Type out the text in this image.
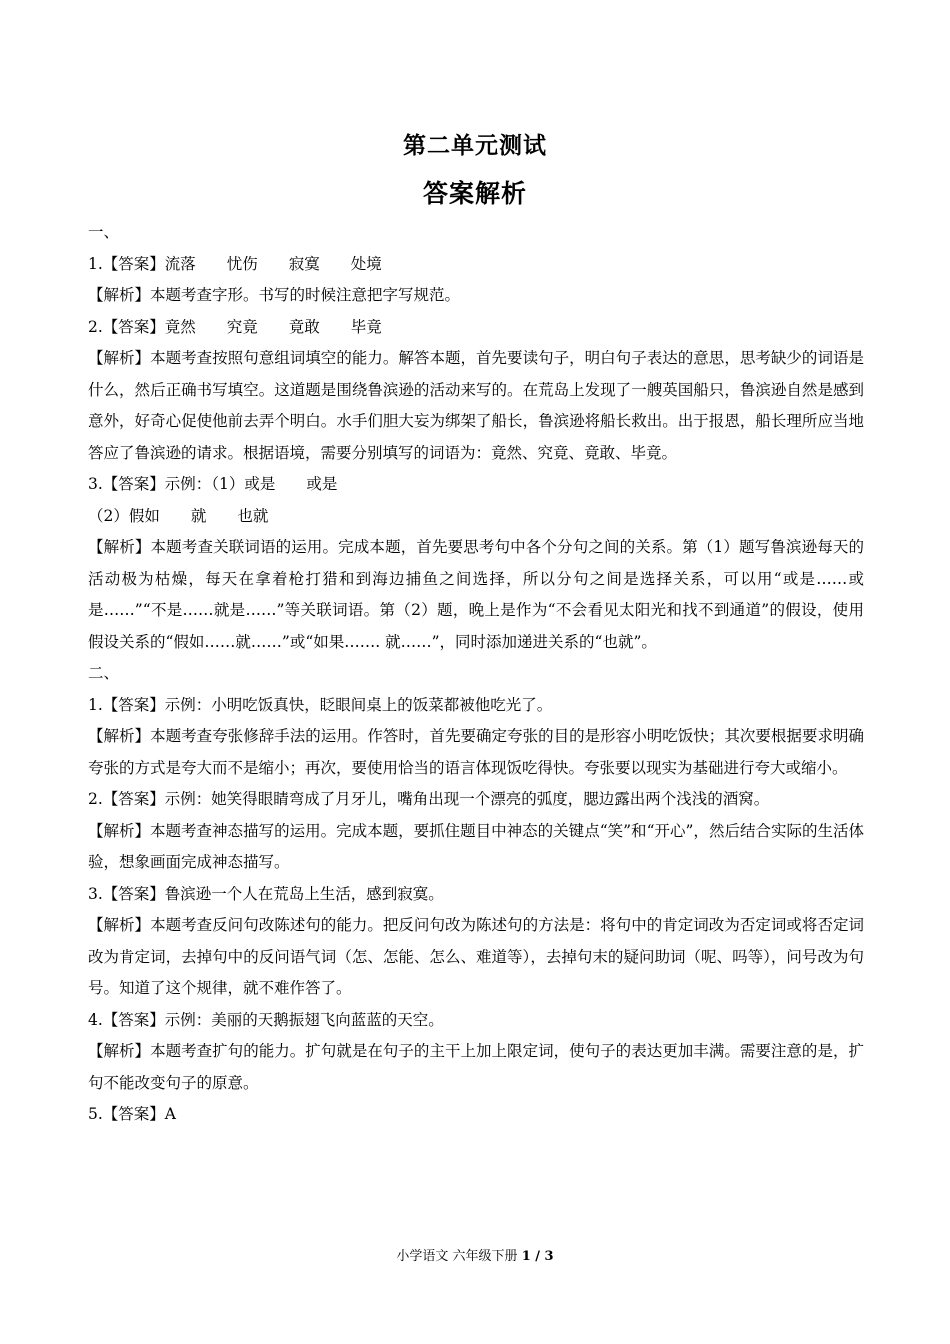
第二单元测试
答案解析
一、
1.【答案】流落　　忧伤　　寂寞　　处境
【解析】本题考查字形。书写的时候注意把字写规范。
2.【答案】竟然　　究竟　　竟敢　　毕竟
【解析】本题考查按照句意组词填空的能力。解答本题，首先要读句子，明白句子表达的意思，思考缺少的词语是什么，然后正确书写填空。这道题是围绕鲁滨逊的活动来写的。在荒岛上发现了一艘英国船只，鲁滨逊自然是感到意外，好奇心促使他前去弄个明白。水手们胆大妄为绑架了船长，鲁滨逊将船长救出。出于报恩，船长理所应当地答应了鲁滨逊的请求。根据语境，需要分别填写的词语为：竟然、究竟、竟敢、毕竟。
3.【答案】示例：（1）或是　　或是
（2）假如　　就　　也就
【解析】本题考查关联词语的运用。完成本题，首先要思考句中各个分句之间的关系。第（1）题写鲁滨逊每天的活动极为枯燥，每天在拿着枪打猎和到海边捕鱼之间选择，所以分句之间是选择关系，可以用“或是……或是……”“不是……就是……”等关联词语。第（2）题，晚上是作为“不会看见太阳光和找不到通道”的假设，使用假设关系的“假如……就……”或“如果……. 就……”，同时添加递进关系的“也就”。
二、
1.【答案】示例：小明吃饭真快，眨眼间桌上的饭菜都被他吃光了。
【解析】本题考查夸张修辞手法的运用。作答时，首先要确定夸张的目的是形容小明吃饭快；其次要根据要求明确夸张的方式是夸大而不是缩小；再次，要使用恰当的语言体现饭吃得快。夸张要以现实为基础进行夸大或缩小。
2.【答案】示例：她笑得眼睛弯成了月牙儿，嘴角出现一个漂亮的弧度，腮边露出两个浅浅的酒窝。
【解析】本题考查神态描写的运用。完成本题，要抓住题目中神态的关键点“笑”和“开心”，然后结合实际的生活体验，想象画面完成神态描写。
3.【答案】鲁滨逊一个人在荒岛上生活，感到寂寞。
【解析】本题考查反问句改陈述句的能力。把反问句改为陈述句的方法是：将句中的肯定词改为否定词或将否定词改为肯定词，去掉句中的反问语气词（怎、怎能、怎么、难道等），去掉句末的疑问助词（呢、吗等），问号改为句号。知道了这个规律，就不难作答了。
4.【答案】示例：美丽的天鹅振翅飞向蓝蓝的天空。
【解析】本题考查扩句的能力。扩句就是在句子的主干上加上限定词，使句子的表达更加丰满。需要注意的是，扩句不能改变句子的原意。
5.【答案】A
小学语文 六年级下册 1 / 3
